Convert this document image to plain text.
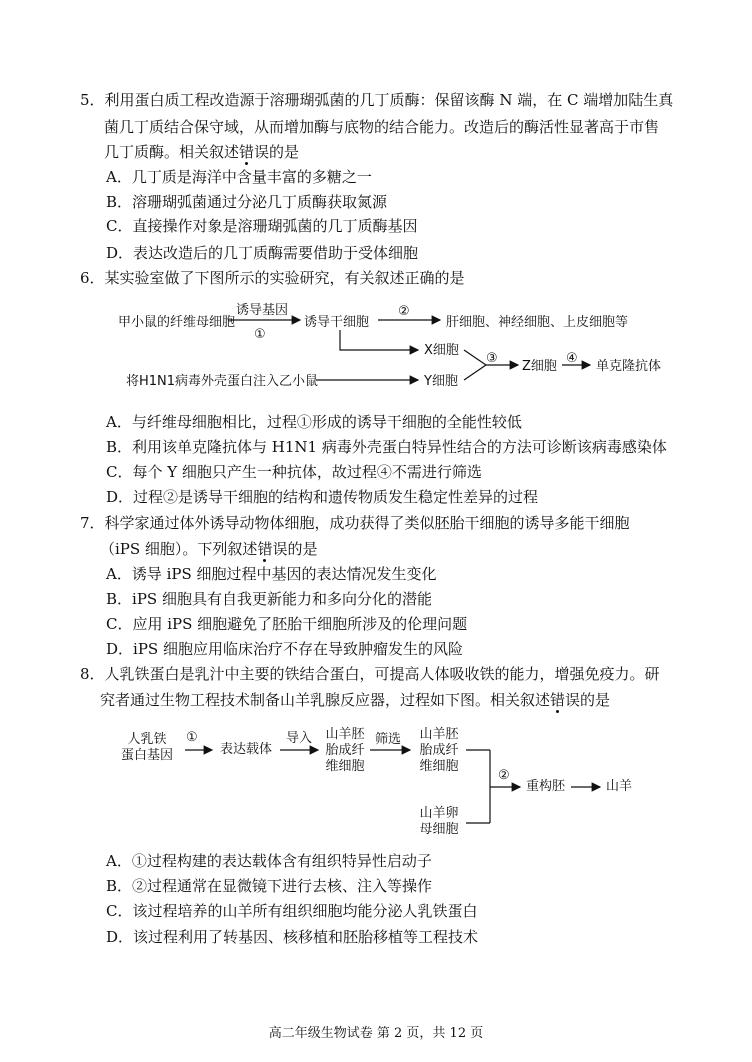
5．利用蛋白质工程改造源于溶珊瑚弧菌的几丁质酶：保留该酶 N 端，在 C 端增加陆生真
菌几丁质结合保守域，从而增加酶与底物的结合能力。改造后的酶活性显著高于市售
几丁质酶。相关叙述错误的是
A．几丁质是海洋中含量丰富的多糖之一
B．溶珊瑚弧菌通过分泌几丁质酶获取氮源
C．直接操作对象是溶珊瑚弧菌的几丁质酶基因
D．表达改造后的几丁质酶需要借助于受体细胞
6．某实验室做了下图所示的实验研究，有关叙述正确的是
甲小鼠的纤维母细胞
诱导基因
①
诱导干细胞
②
肝细胞、神经细胞、上皮细胞等
X细胞
将H1N1病毒外壳蛋白注入乙小鼠	Y细胞
③
Z细胞
④
单克隆抗体
A．与纤维母细胞相比，过程①形成的诱导干细胞的全能性较低
B．利用该单克隆抗体与 H1N1 病毒外壳蛋白特异性结合的方法可诊断该病毒感染体
C．每个 Y 细胞只产生一种抗体，故过程④不需进行筛选
D．过程②是诱导干细胞的结构和遗传物质发生稳定性差异的过程
7．科学家通过体外诱导动物体细胞，成功获得了类似胚胎干细胞的诱导多能干细胞
（iPS 细胞）。下列叙述错误的是
A．诱导 iPS 细胞过程中基因的表达情况发生变化
B．iPS 细胞具有自我更新能力和多向分化的潜能
C．应用 iPS 细胞避免了胚胎干细胞所涉及的伦理问题
D．iPS 细胞应用临床治疗不存在导致肿瘤发生的风险
8．人乳铁蛋白是乳汁中主要的铁结合蛋白，可提高人体吸收铁的能力，增强免疫力。研
究者通过生物工程技术制备山羊乳腺反应器，过程如下图。相关叙述错误的是
人乳铁
蛋白基因
①
表达载体
导入	山羊胚
胎成纤
维细胞
筛选	山羊胚
胎成纤
维细胞
山羊卵
母细胞
②
重构胚	山羊
A．①过程构建的表达载体含有组织特异性启动子
B．②过程通常在显微镜下进行去核、注入等操作
C．该过程培养的山羊所有组织细胞均能分泌人乳铁蛋白
D．该过程利用了转基因、核移植和胚胎移植等工程技术
高二年级生物试卷 第 2 页，共 12 页
